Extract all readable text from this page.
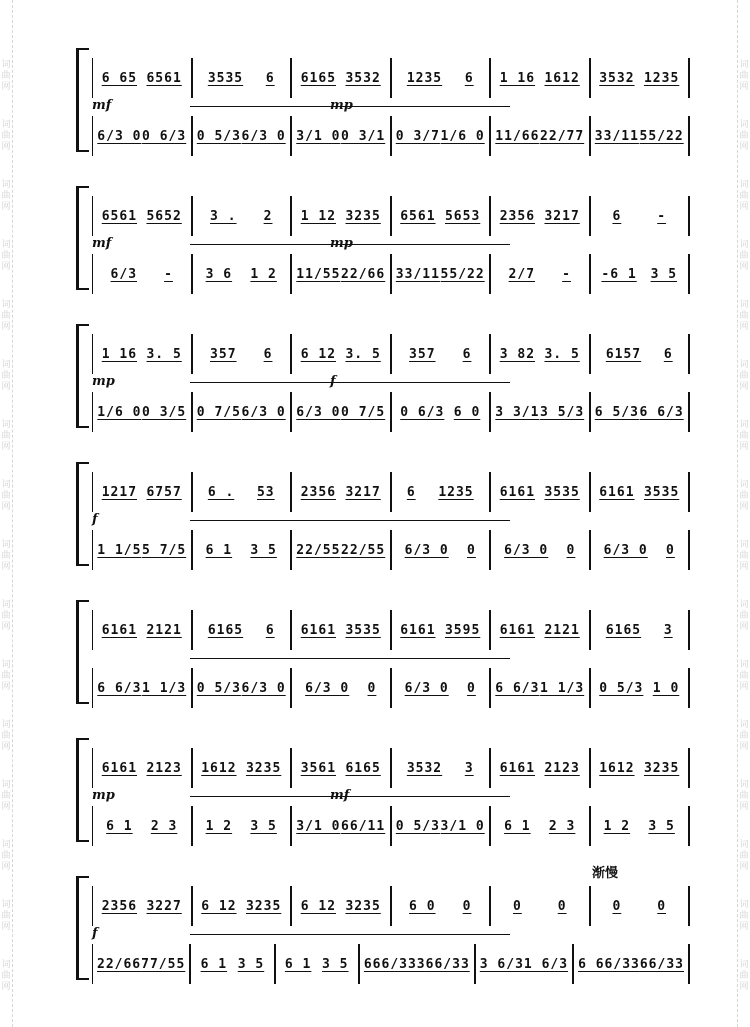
词
曲
网
词
曲
网
词
曲
网
词
曲
网
词
曲
网
词
曲
网
词
曲
网
词
曲
网
词
曲
网
词
曲
网
词
曲
网
词
曲
网
词
曲
网
词
曲
网
词
曲
网
词
曲
网
词
曲
网
词
曲
网
词
曲
网
词
曲
网
词
曲
网
词
曲
网
词
曲
网
词
曲
网
词
曲
网
词
曲
网
词
曲
网
词
曲
网
词
曲
网
词
曲
网
词
曲
网
词
曲
网
6 65 6561 3535 6 6165 3532 1235 6 1 16 1612 3532 1235
6/3 0 0 6/3 0 5/3 6/3 0 3/1 0 0 3/1 0 3/7 1/6 0 11/66 22/77 33/11 55/22
mf	mp
6561 5652 3 . 2 1 12 3235 6561 5653 2356 3217	6	-
6/3 -	3 6 1 2 11/55 22/66 33/11 55/22 2/7 - -6 1 3 5
mf	mp
1 16 3. 5 357 6 6 12 3. 5 357 6 3 82 3. 5 6157 6
1/6 0 0 3/5 0 7/5 6/3 0 6/3 0 0 7/5 0 6/3 6 0 3 3/1 3 5/3 6 5/3 6 6/3
mp	f
1217 6757 6 . 53 2356 3217 6 1235 6161 3535 6161 3535
1 1/5 5 7/5 6 1 3 5 22/55 22/55 6/3 0 0 6/3 0 0 6/3 0 0
f
6161 2121 6165 6 6161 3535 6161 3595 6161 2121 6165 3
6 6/3 1 1/3 0 5/3 6/3 0 6/3 0 0 6/3 0 0 6 6/3 1 1/3 0 5/3 1 0
6161 2123 1612 3235 3561 6165 3532 3 6161 2123 1612 3235
6 1 2 3 1 2 3 5 3/1 0 66/11 0 5/3 3/1 0 6 1 2 3 1 2 3 5
mp	mf
渐慢
2356 3227 6 12 3235 6 12 3235 6 0 0	0	0	0	0
22/66 77/55 6 1 3 5 6 1 3 5 666/333 66/33 3 6/3 1 6/3 6 66/33 66/33
f
